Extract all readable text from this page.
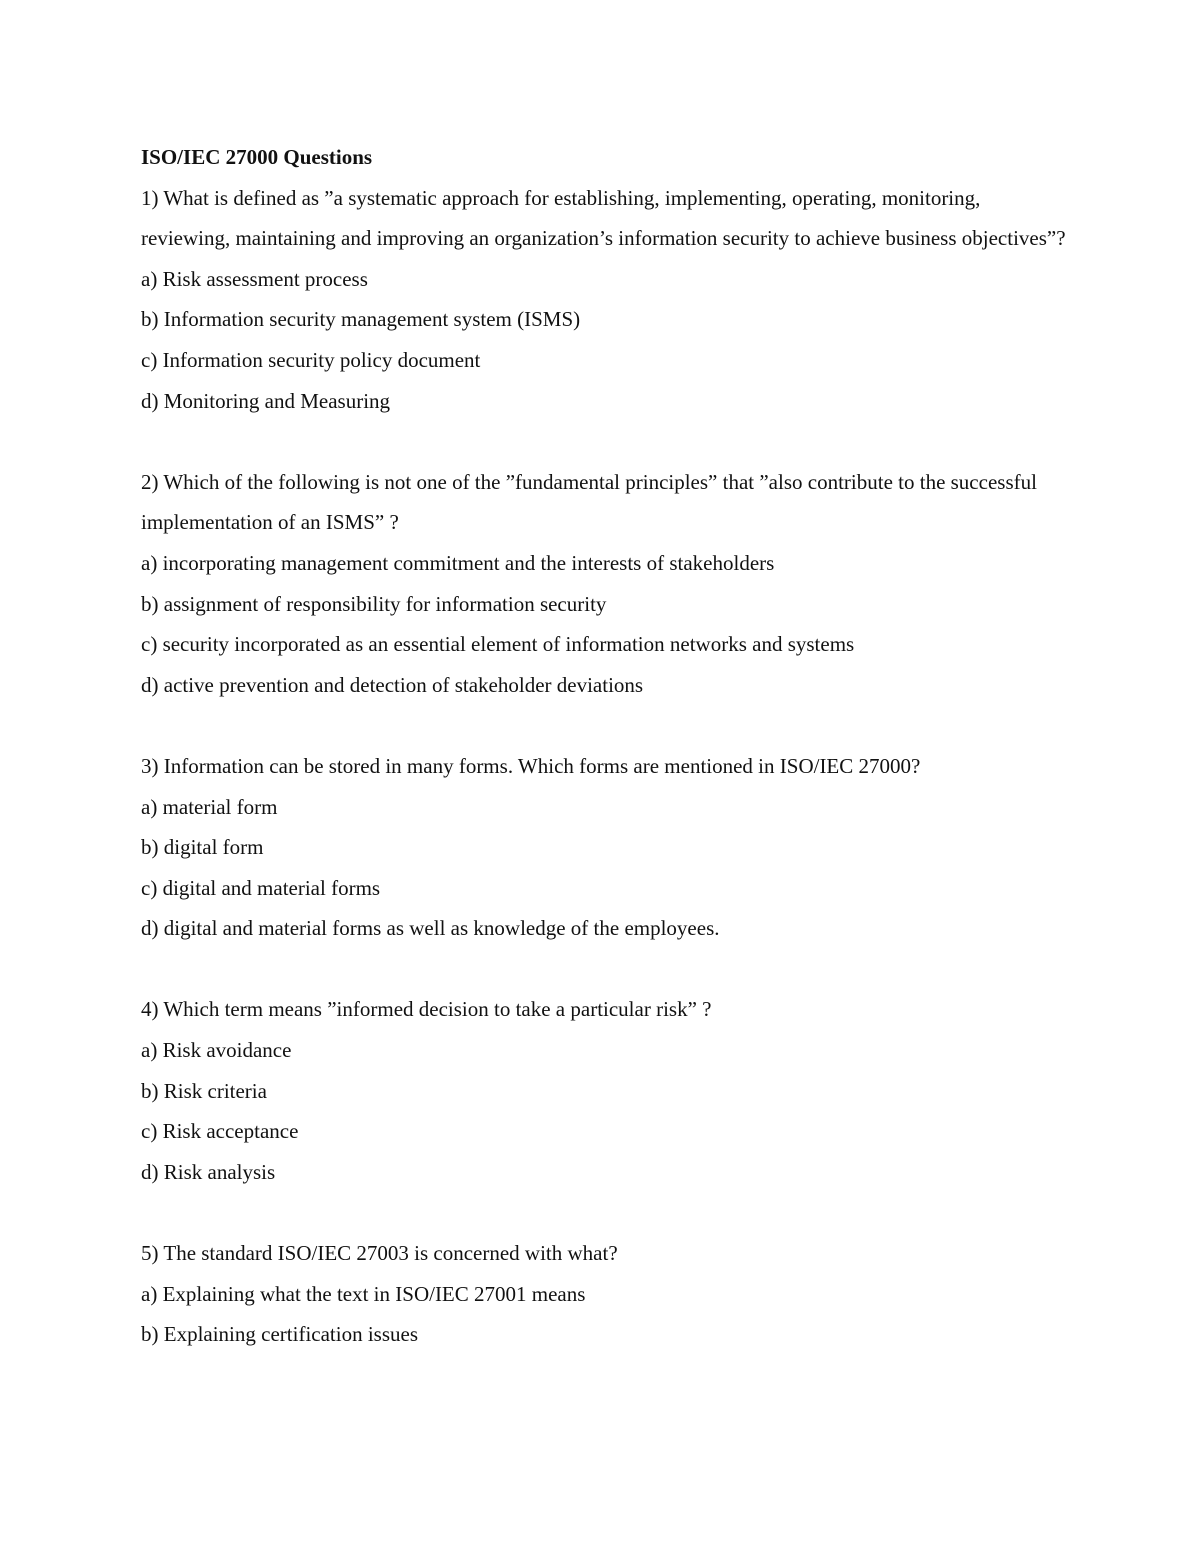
ISO/IEC 27000 Questions

1) What is defined as ”a systematic approach for establishing, implementing, operating, monitoring, reviewing, maintaining and improving an organization’s information security to achieve business objectives”?

a) Risk assessment process

b) Information security management system (ISMS)

c) Information security policy document

d) Monitoring and Measuring

2) Which of the following is not one of the ”fundamental principles” that ”also contribute to the successful implementation of an ISMS” ?

a) incorporating management commitment and the interests of stakeholders

b) assignment of responsibility for information security

c) security incorporated as an essential element of information networks and systems

d) active prevention and detection of stakeholder deviations

3) Information can be stored in many forms. Which forms are mentioned in ISO/IEC 27000?

a) material form

b) digital form

c) digital and material forms

d) digital and material forms as well as knowledge of the employees.

4) Which term means ”informed decision to take a particular risk” ?

a) Risk avoidance

b) Risk criteria

c) Risk acceptance

d) Risk analysis

5) The standard ISO/IEC 27003 is concerned with what?

a) Explaining what the text in ISO/IEC 27001 means

b) Explaining certification issues
